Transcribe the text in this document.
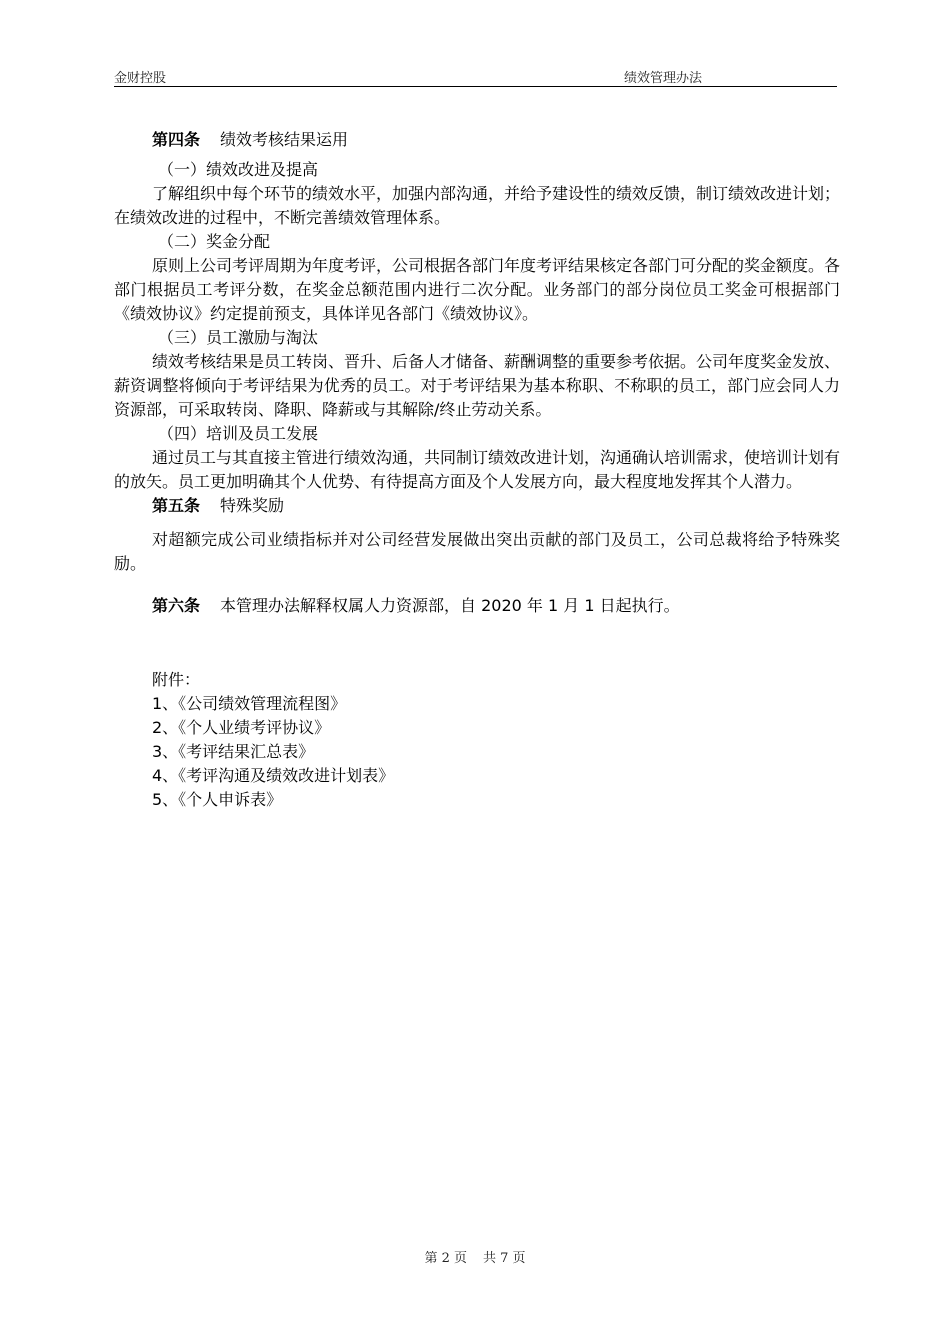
金财控股	绩效管理办法

第四条 绩效考核结果运用

（一）绩效改进及提高

了解组织中每个环节的绩效水平，加强内部沟通，并给予建设性的绩效反馈，制订绩效改进计划；在绩效改进的过程中，不断完善绩效管理体系。

（二）奖金分配

原则上公司考评周期为年度考评，公司根据各部门年度考评结果核定各部门可分配的奖金额度。各部门根据员工考评分数，在奖金总额范围内进行二次分配。业务部门的部分岗位员工奖金可根据部门《绩效协议》约定提前预支，具体详见各部门《绩效协议》。

（三）员工激励与淘汰

绩效考核结果是员工转岗、晋升、后备人才储备、薪酬调整的重要参考依据。公司年度奖金发放、薪资调整将倾向于考评结果为优秀的员工。对于考评结果为基本称职、不称职的员工，部门应会同人力资源部，可采取转岗、降职、降薪或与其解除/终止劳动关系。

（四）培训及员工发展

通过员工与其直接主管进行绩效沟通，共同制订绩效改进计划，沟通确认培训需求，使培训计划有的放矢。员工更加明确其个人优势、有待提高方面及个人发展方向，最大程度地发挥其个人潜力。

第五条 特殊奖励

对超额完成公司业绩指标并对公司经营发展做出突出贡献的部门及员工，公司总裁将给予特殊奖励。

第六条 本管理办法解释权属人力资源部，自 2020 年 1 月 1 日起执行。

附件：

1、《公司绩效管理流程图》

2、《个人业绩考评协议》

3、《考评结果汇总表》

4、《考评沟通及绩效改进计划表》

5、《个人申诉表》

第 2 页 共 7 页
